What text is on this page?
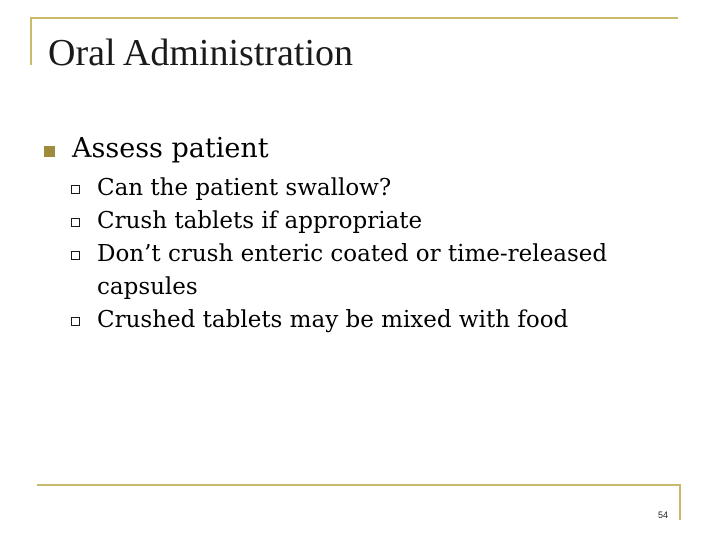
Oral Administration
Assess patient
Can the patient swallow?
Crush tablets if appropriate
Don’t crush enteric coated or time-released capsules
Crushed tablets may be mixed with food
54
